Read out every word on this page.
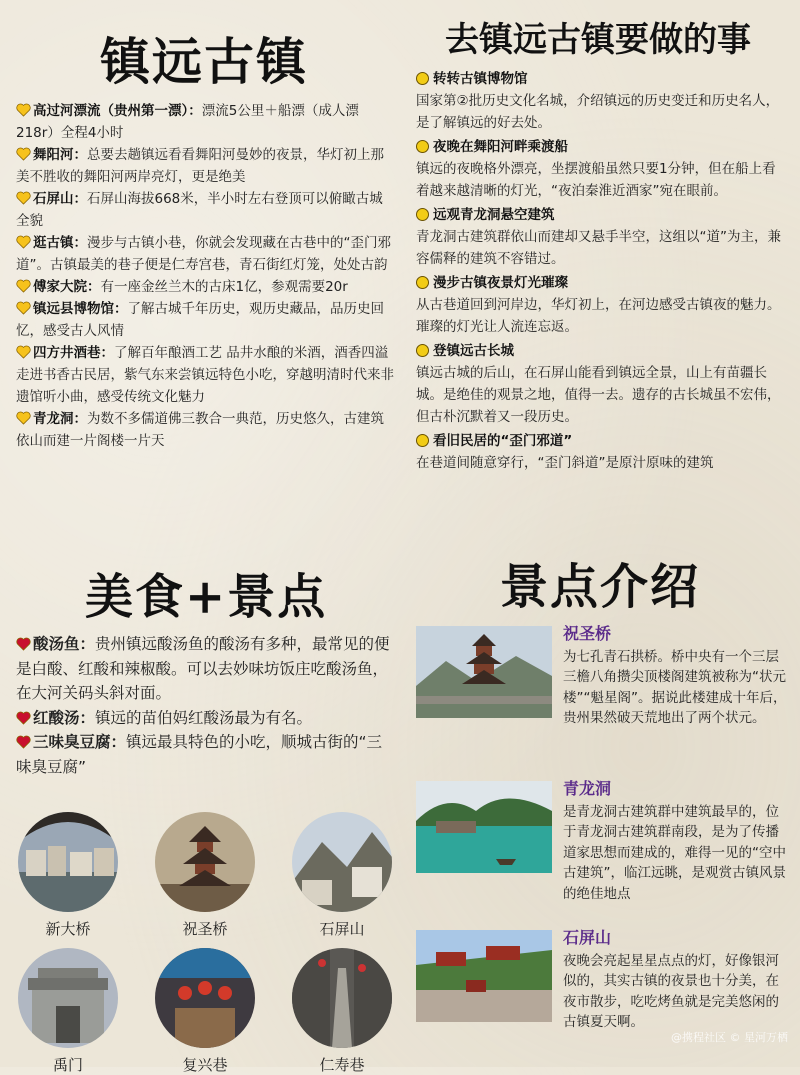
镇远古镇	去镇远古镇要做的事
美食+景点	景点介绍

高过河漂流（贵州第一漂）：漂流5公里＋船漂（成人漂218r）全程4小时

舞阳河：总要去趟镇远看看舞阳河曼妙的夜景，华灯初上那美不胜收的舞阳河两岸亮灯，更是绝美

石屏山：石屏山海拔668米，半小时左右登顶可以俯瞰古城全貌

逛古镇：漫步与古镇小巷，你就会发现藏在古巷中的“歪门邪道”。古镇最美的巷子便是仁寿宫巷，青石街红灯笼，处处古韵

傅家大院：有一座金丝兰木的古床1亿，参观需要20r

镇远县博物馆：了解古城千年历史，观历史藏品，品历史回忆，感受古人风情

四方井酒巷：了解百年酿酒工艺 品井水酿的米酒，酒香四溢走进书香古民居，紫气东来尝镇远特色小吃，穿越明清时代来非遗馆听小曲，感受传统文化魅力

青龙洞：为数不多儒道佛三教合一典范，历史悠久，古建筑依山而建一片阁楼一片天

转转古镇博物馆
国家第②批历史文化名城，介绍镇远的历史变迁和历史名人，是了解镇远的好去处。
夜晚在舞阳河畔乘渡船
镇远的夜晚格外漂亮，坐摆渡船虽然只要1分钟，但在船上看着越来越清晰的灯光，“夜泊秦淮近酒家”宛在眼前。
远观青龙洞悬空建筑
青龙洞古建筑群依山而建却又悬手半空，这组以“道”为主，兼容儒释的建筑不容错过。
漫步古镇夜景灯光璀璨
从古巷道回到河岸边，华灯初上，在河边感受古镇夜的魅力。璀璨的灯光让人流连忘返。
登镇远古长城
镇远古城的后山，在石屏山能看到镇远全景，山上有苗疆长城。是绝佳的观景之地，值得一去。遗存的古长城虽不宏伟，但古朴沉默着又一段历史。
看旧民居的“歪门邪道”
在巷道间随意穿行，“歪门斜道”是原汁原味的建筑

酸汤鱼：贵州镇远酸汤鱼的酸汤有多种，最常见的便是白酸、红酸和辣椒酸。可以去妙味坊饭庄吃酸汤鱼，在大河关码头斜对面。

红酸汤：镇远的苗伯妈红酸汤最为有名。

三味臭豆腐：镇远最具特色的小吃，顺城古街的“三味臭豆腐”

新大桥	祝圣桥	石屏山
禹门	复兴巷	仁寿巷
祝圣桥
为七孔青石拱桥。桥中央有一个三层三檐八角攒尖顶楼阁建筑被称为“状元楼”“魁星阁”。据说此楼建成十年后，贵州果然破天荒地出了两个状元。
青龙洞
是青龙洞古建筑群中建筑最早的，位于青龙洞古建筑群南段，是为了传播道家思想而建成的，难得一见的“空中古建筑”，临江远眺，是观赏古镇风景的绝佳地点
石屏山
夜晚会亮起星星点点的灯，好像银河似的，其实古镇的夜景也十分美，在夜市散步，吃吃烤鱼就是完美悠闲的古镇夏天啊。
@携程社区 © 星河万栖
